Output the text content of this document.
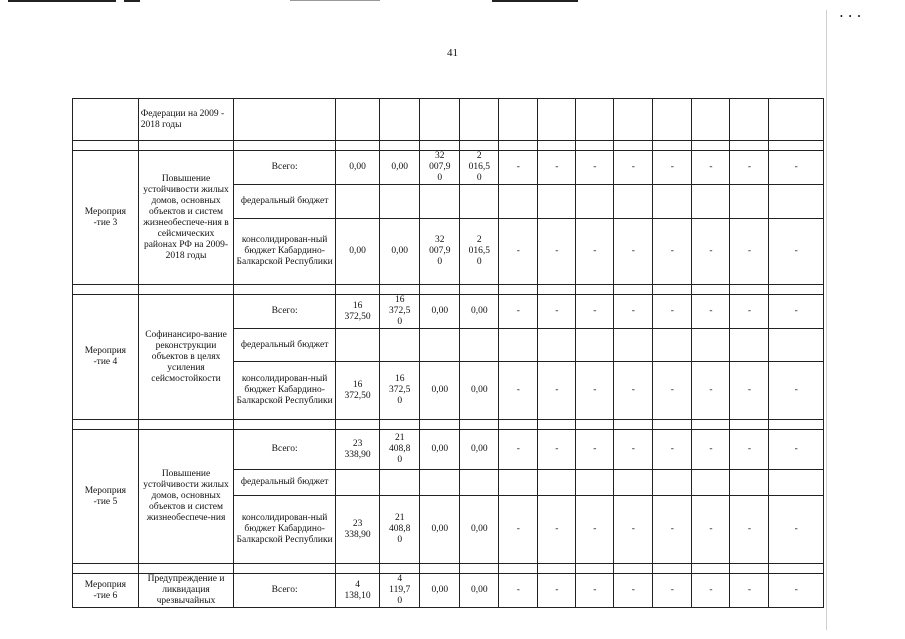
•••
41
	Федерации на 2009 - 2018 годы													

Мероприя
-тие 3	Повышение устойчивости жилых домов, основных объектов и систем жизнеобеспече-ния в сейсмических районах РФ на 2009-2018 годы	Всего:	0,00	0,00	32
007,9
0	2
016,5
0	-	-	-	-	-	-	-	-
		федеральный бюджет												
		консолидирован-ный бюджет Кабардино-Балкарской Республики	0,00	0,00	32
007,9
0	2
016,5
0	-	-	-	-	-	-	-	-

Мероприя
-тие 4	Софинансиро-вание реконструкции объектов в целях усиления сейсмостойкости	Всего:	16
372,50	16
372,5
0	0,00	0,00	-	-	-	-	-	-	-	-
		федеральный бюджет												
		консолидирован-ный бюджет Кабардино-Балкарской Республики	16
372,50	16
372,5
0	0,00	0,00	-	-	-	-	-	-	-	-

Мероприя
-тие 5	Повышение устойчивости жилых домов, основных объектов и систем жизнеобеспече-ния	Всего:	23
338,90	21
408,8
0	0,00	0,00	-	-	-	-	-	-	-	-
		федеральный бюджет												
		консолидирован-ный бюджет Кабардино-Балкарской Республики	23
338,90	21
408,8
0	0,00	0,00	-	-	-	-	-	-	-	-

Мероприя
-тие 6	Предупреждение и ликвидация чрезвычайных	Всего:	4
138,10	4
119,7
0	0,00	0,00	-	-	-	-	-	-	-	-
